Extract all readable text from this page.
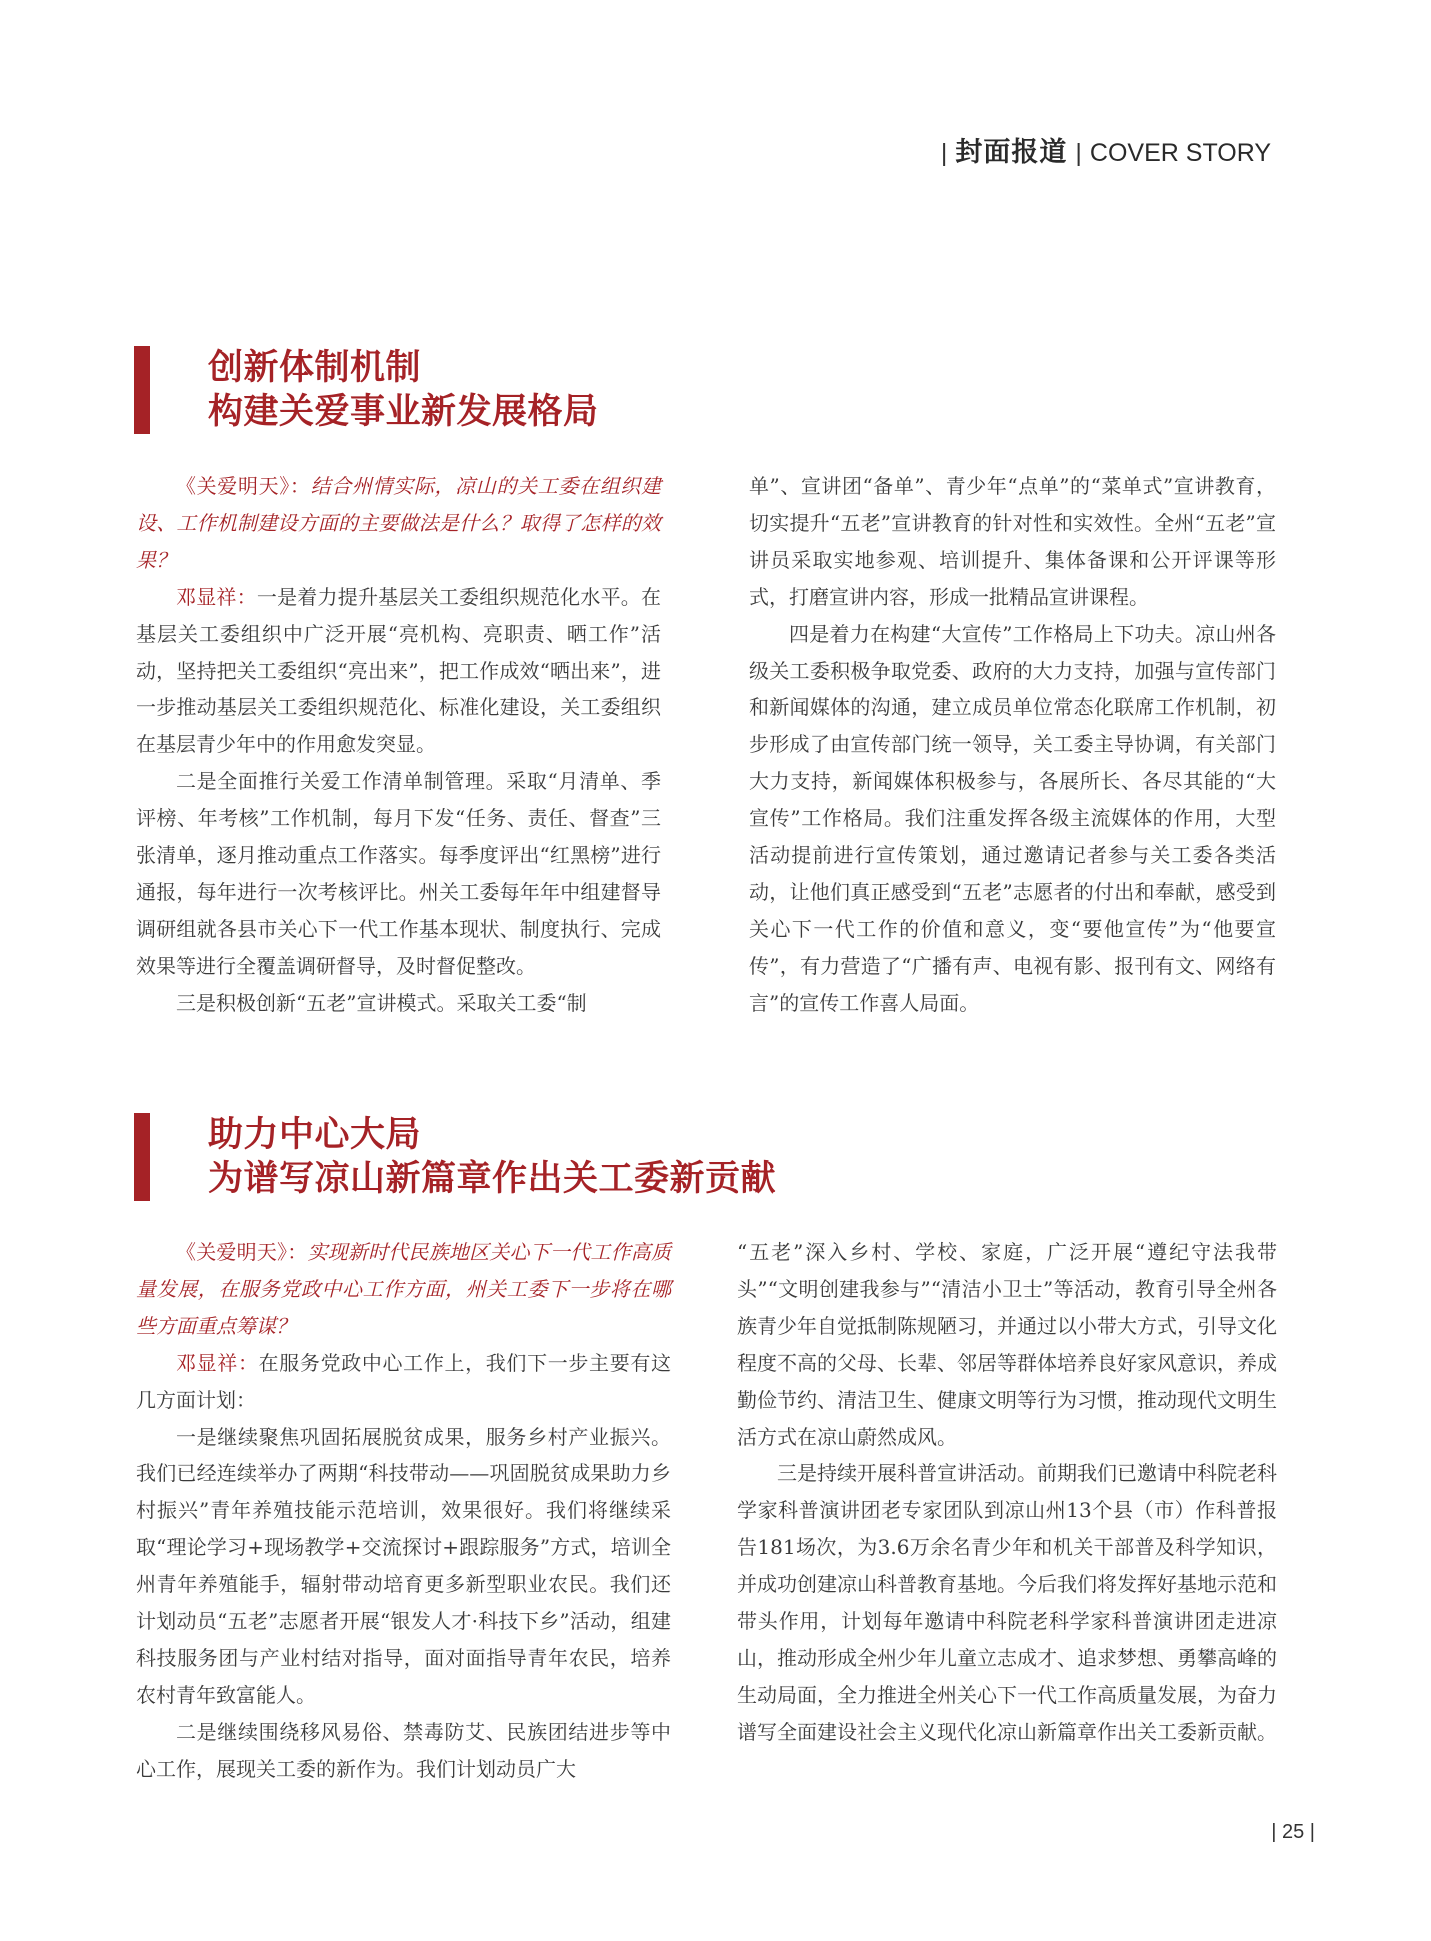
| 封面报道 | COVER STORY
创新体制机制
构建关爱事业新发展格局

《关爱明天》：结合州情实际，凉山的关工委在组织建设、工作机制建设方面的主要做法是什么？取得了怎样的效果？

邓显祥：一是着力提升基层关工委组织规范化水平。在基层关工委组织中广泛开展“亮机构、亮职责、晒工作”活动，坚持把关工委组织“亮出来”，把工作成效“晒出来”，进一步推动基层关工委组织规范化、标准化建设，关工委组织在基层青少年中的作用愈发突显。

二是全面推行关爱工作清单制管理。采取“月清单、季评榜、年考核”工作机制，每月下发“任务、责任、督查”三张清单，逐月推动重点工作落实。每季度评出“红黑榜”进行通报，每年进行一次考核评比。州关工委每年年中组建督导调研组就各县市关心下一代工作基本现状、制度执行、完成效果等进行全覆盖调研督导，及时督促整改。

三是积极创新“五老”宣讲模式。采取关工委“制

单”、宣讲团“备单”、青少年“点单”的“菜单式”宣讲教育，切实提升“五老”宣讲教育的针对性和实效性。全州“五老”宣讲员采取实地参观、培训提升、集体备课和公开评课等形式，打磨宣讲内容，形成一批精品宣讲课程。

四是着力在构建“大宣传”工作格局上下功夫。凉山州各级关工委积极争取党委、政府的大力支持，加强与宣传部门和新闻媒体的沟通，建立成员单位常态化联席工作机制，初步形成了由宣传部门统一领导，关工委主导协调，有关部门大力支持，新闻媒体积极参与，各展所长、各尽其能的“大宣传”工作格局。我们注重发挥各级主流媒体的作用，大型活动提前进行宣传策划，通过邀请记者参与关工委各类活动，让他们真正感受到“五老”志愿者的付出和奉献，感受到关心下一代工作的价值和意义，变“要他宣传”为“他要宣传”，有力营造了“广播有声、电视有影、报刊有文、网络有言”的宣传工作喜人局面。

助力中心大局
为谱写凉山新篇章作出关工委新贡献

《关爱明天》：实现新时代民族地区关心下一代工作高质量发展，在服务党政中心工作方面，州关工委下一步将在哪些方面重点筹谋？

邓显祥：在服务党政中心工作上，我们下一步主要有这几方面计划：

一是继续聚焦巩固拓展脱贫成果，服务乡村产业振兴。我们已经连续举办了两期“科技带动——巩固脱贫成果助力乡村振兴”青年养殖技能示范培训，效果很好。我们将继续采取“理论学习+现场教学+交流探讨+跟踪服务”方式，培训全州青年养殖能手，辐射带动培育更多新型职业农民。我们还计划动员“五老”志愿者开展“银发人才·科技下乡”活动，组建科技服务团与产业村结对指导，面对面指导青年农民，培养农村青年致富能人。

二是继续围绕移风易俗、禁毒防艾、民族团结进步等中心工作，展现关工委的新作为。我们计划动员广大

“五老”深入乡村、学校、家庭，广泛开展“遵纪守法我带头”“文明创建我参与”“清洁小卫士”等活动，教育引导全州各族青少年自觉抵制陈规陋习，并通过以小带大方式，引导文化程度不高的父母、长辈、邻居等群体培养良好家风意识，养成勤俭节约、清洁卫生、健康文明等行为习惯，推动现代文明生活方式在凉山蔚然成风。

三是持续开展科普宣讲活动。前期我们已邀请中科院老科学家科普演讲团老专家团队到凉山州13个县（市）作科普报告181场次，为3.6万余名青少年和机关干部普及科学知识，并成功创建凉山科普教育基地。今后我们将发挥好基地示范和带头作用，计划每年邀请中科院老科学家科普演讲团走进凉山，推动形成全州少年儿童立志成才、追求梦想、勇攀高峰的生动局面，全力推进全州关心下一代工作高质量发展，为奋力谱写全面建设社会主义现代化凉山新篇章作出关工委新贡献。

| 25 |
